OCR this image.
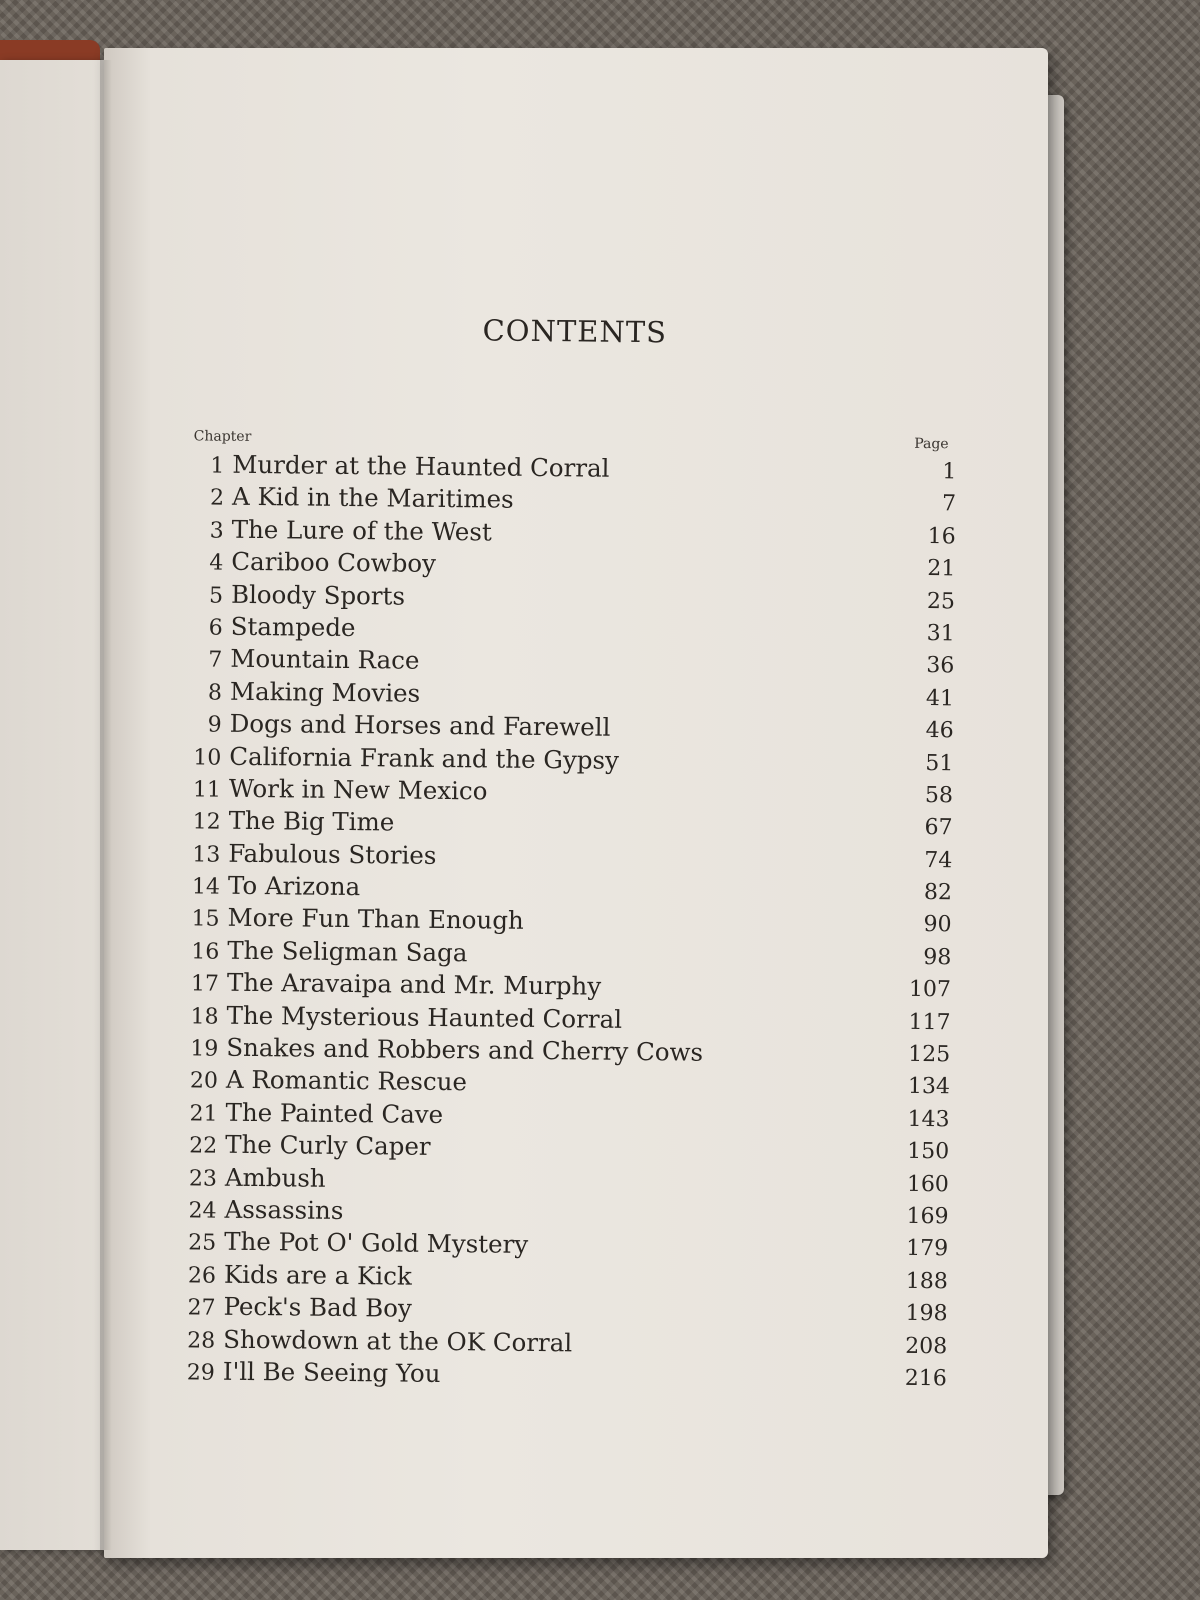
CONTENTS
Chapter	Page
1 Murder at the Haunted Corral	1
2 A Kid in the Maritimes	7
3 The Lure of the West	16
4 Cariboo Cowboy	21
5 Bloody Sports	25
6 Stampede	31
7 Mountain Race	36
8 Making Movies	41
9 Dogs and Horses and Farewell	46
10 California Frank and the Gypsy	51
11 Work in New Mexico	58
12 The Big Time	67
13 Fabulous Stories	74
14 To Arizona	82
15 More Fun Than Enough	90
16 The Seligman Saga	98
17 The Aravaipa and Mr. Murphy	107
18 The Mysterious Haunted Corral	117
19 Snakes and Robbers and Cherry Cows	125
20 A Romantic Rescue	134
21 The Painted Cave	143
22 The Curly Caper	150
23 Ambush	160
24 Assassins	169
25 The Pot O' Gold Mystery	179
26 Kids are a Kick	188
27 Peck's Bad Boy	198
28 Showdown at the OK Corral	208
29 I'll Be Seeing You	216
